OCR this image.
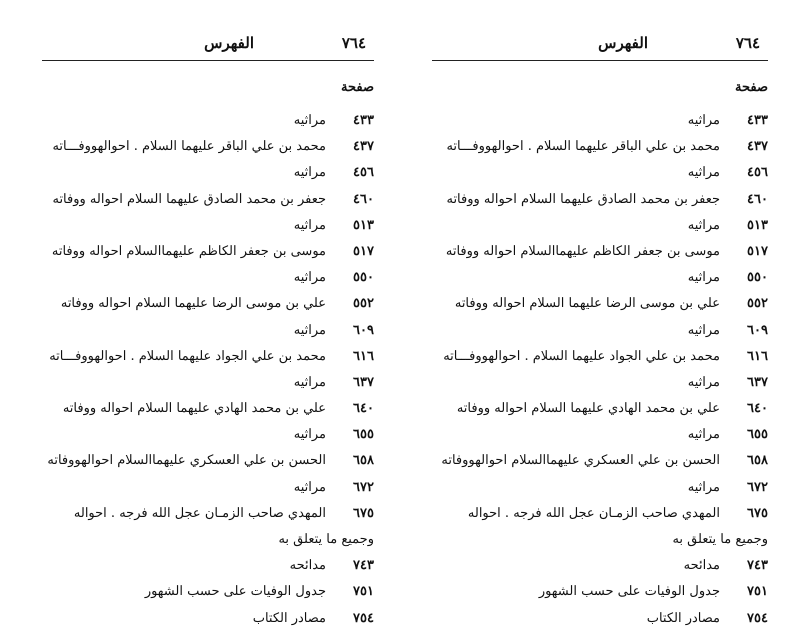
٧٦٤
الفهرس
صفحة
٤٣٣
مراثيه
٤٣٧
محمد بن علي الباقر عليهما السلام . احوالهووفـــاته
٤٥٦
مراثيه
٤٦٠
جعفر بن محمد الصادق عليهما السلام احواله ووفاته
٥١٣
مراثيه
٥١٧
موسى بن جعفر الكاظم عليهماالسلام احواله ووفاته
٥٥٠
مراثيه
٥٥٢
علي بن موسى الرضا عليهما السلام احواله ووفاته
٦٠٩
مراثيه
٦١٦
محمد بن علي الجواد عليهما السلام . احوالهووفـــاته
٦٣٧
مراثيه
٦٤٠
علي بن محمد الهادي عليهما السلام احواله ووفاته
٦٥٥
مراثيه
٦٥٨
الحسن بن علي العسكري عليهماالسلام احوالهووفاته
٦٧٢
مراثيه
٦٧٥
المهدي صاحب الزمـان عجل الله فرجه . احواله
وجميع ما يتعلق به
٧٤٣
مدائحه
٧٥١
جدول الوفيات على حسب الشهور
٧٥٤
مصادر الكتاب
٧٦٤
الفهرس
صفحة
٤٣٣
مراثيه
٤٣٧
محمد بن علي الباقر عليهما السلام . احوالهووفـــاته
٤٥٦
مراثيه
٤٦٠
جعفر بن محمد الصادق عليهما السلام احواله ووفاته
٥١٣
مراثيه
٥١٧
موسى بن جعفر الكاظم عليهماالسلام احواله ووفاته
٥٥٠
مراثيه
٥٥٢
علي بن موسى الرضا عليهما السلام احواله ووفاته
٦٠٩
مراثيه
٦١٦
محمد بن علي الجواد عليهما السلام . احوالهووفـــاته
٦٣٧
مراثيه
٦٤٠
علي بن محمد الهادي عليهما السلام احواله ووفاته
٦٥٥
مراثيه
٦٥٨
الحسن بن علي العسكري عليهماالسلام احوالهووفاته
٦٧٢
مراثيه
٦٧٥
المهدي صاحب الزمـان عجل الله فرجه . احواله
وجميع ما يتعلق به
٧٤٣
مدائحه
٧٥١
جدول الوفيات على حسب الشهور
٧٥٤
مصادر الكتاب
